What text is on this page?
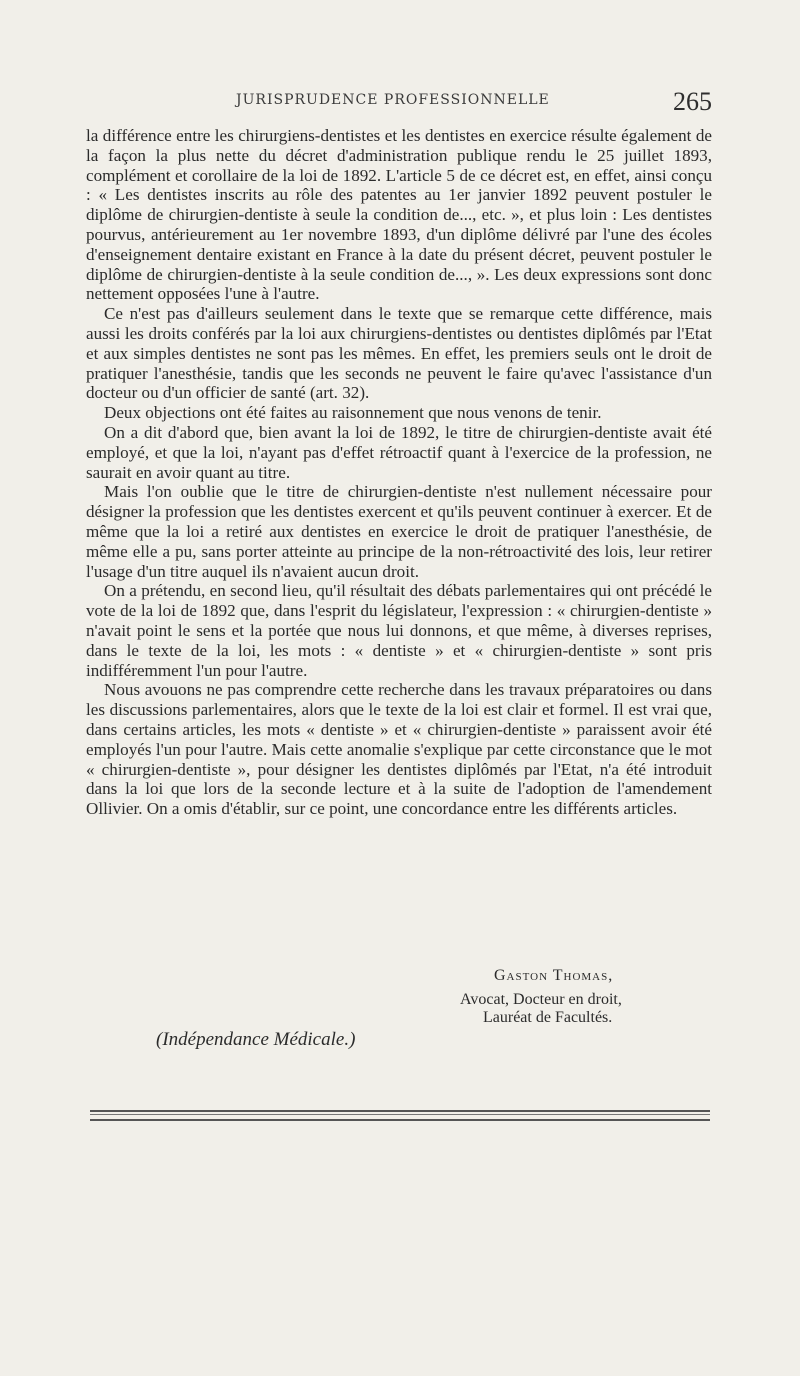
JURISPRUDENCE PROFESSIONNELLE	265

la différence entre les chirurgiens-dentistes et les dentistes en exercice résulte également de la façon la plus nette du décret d'administration publique rendu le 25 juillet 1893, complément et corollaire de la loi de 1892. L'article 5 de ce décret est, en effet, ainsi conçu : « Les dentistes inscrits au rôle des patentes au 1er janvier 1892 peuvent postuler le diplôme de chirurgien-dentiste à seule la condition de..., etc. », et plus loin : Les dentistes pourvus, antérieurement au 1er novembre 1893, d'un diplôme délivré par l'une des écoles d'enseignement dentaire existant en France à la date du présent décret, peuvent postuler le diplôme de chirurgien-dentiste à la seule condition de..., ». Les deux expressions sont donc nettement opposées l'une à l'autre.

Ce n'est pas d'ailleurs seulement dans le texte que se remarque cette différence, mais aussi les droits conférés par la loi aux chirurgiens-dentistes ou dentistes diplômés par l'Etat et aux simples dentistes ne sont pas les mêmes. En effet, les premiers seuls ont le droit de pratiquer l'anesthésie, tandis que les seconds ne peuvent le faire qu'avec l'assistance d'un docteur ou d'un officier de santé (art. 32).

Deux objections ont été faites au raisonnement que nous venons de tenir.

On a dit d'abord que, bien avant la loi de 1892, le titre de chirurgien-dentiste avait été employé, et que la loi, n'ayant pas d'effet rétroactif quant à l'exercice de la profession, ne saurait en avoir quant au titre.

Mais l'on oublie que le titre de chirurgien-dentiste n'est nullement nécessaire pour désigner la profession que les dentistes exercent et qu'ils peuvent continuer à exercer. Et de même que la loi a retiré aux dentistes en exercice le droit de pratiquer l'anesthésie, de même elle a pu, sans porter atteinte au principe de la non-rétroactivité des lois, leur retirer l'usage d'un titre auquel ils n'avaient aucun droit.

On a prétendu, en second lieu, qu'il résultait des débats parlementaires qui ont précédé le vote de la loi de 1892 que, dans l'esprit du législateur, l'expression : « chirurgien-dentiste » n'avait point le sens et la portée que nous lui donnons, et que même, à diverses reprises, dans le texte de la loi, les mots : « dentiste » et « chirurgien-dentiste » sont pris indifféremment l'un pour l'autre.

Nous avouons ne pas comprendre cette recherche dans les travaux préparatoires ou dans les discussions parlementaires, alors que le texte de la loi est clair et formel. Il est vrai que, dans certains articles, les mots « dentiste » et « chirurgien-dentiste » paraissent avoir été employés l'un pour l'autre. Mais cette anomalie s'explique par cette circonstance que le mot « chirurgien-dentiste », pour désigner les dentistes diplômés par l'Etat, n'a été introduit dans la loi que lors de la seconde lecture et à la suite de l'adoption de l'amendement Ollivier. On a omis d'établir, sur ce point, une concordance entre les différents articles.

Gaston Thomas,
Avocat, Docteur en droit,
Lauréat de Facultés.
(Indépendance Médicale.)
